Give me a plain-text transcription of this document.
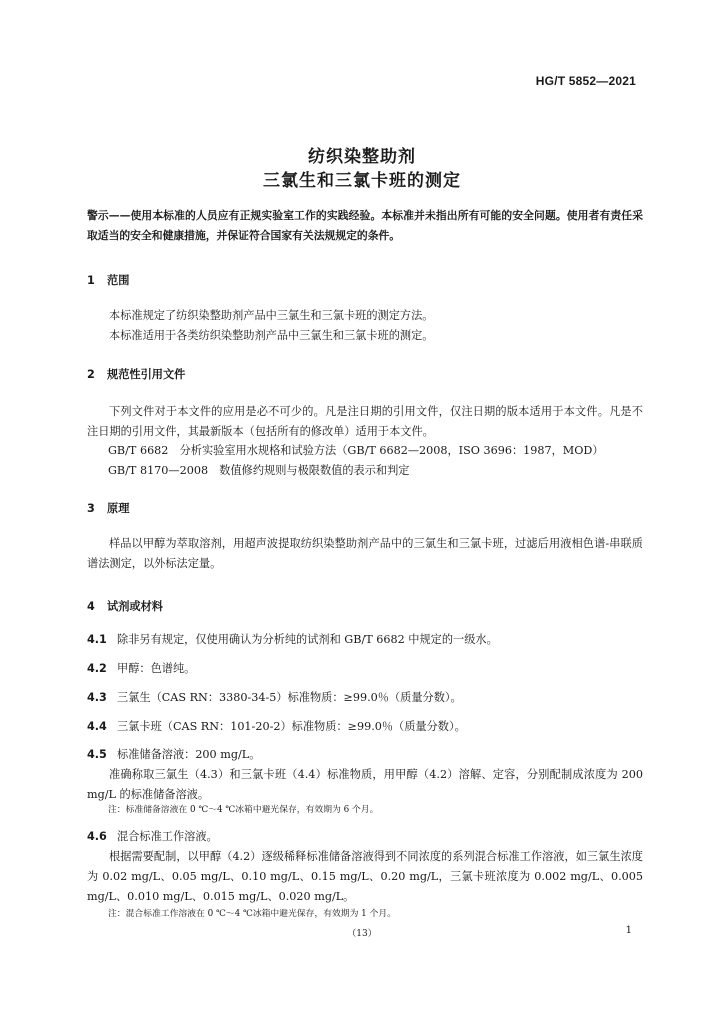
HG/T 5852—2021
纺织染整助剂
三氯生和三氯卡班的测定
警示——使用本标准的人员应有正规实验室工作的实践经验。本标准并未指出所有可能的安全问题。使用者有责任采取适当的安全和健康措施，并保证符合国家有关法规规定的条件。
1 范围
本标准规定了纺织染整助剂产品中三氯生和三氯卡班的测定方法。
本标准适用于各类纺织染整助剂产品中三氯生和三氯卡班的测定。
2 规范性引用文件
下列文件对于本文件的应用是必不可少的。凡是注日期的引用文件，仅注日期的版本适用于本文件。凡是不注日期的引用文件，其最新版本（包括所有的修改单）适用于本文件。
GB/T 6682　分析实验室用水规格和试验方法（GB/T 6682—2008，ISO 3696：1987，MOD）
GB/T 8170—2008　数值修约规则与极限数值的表示和判定
3 原理
样品以甲醇为萃取溶剂，用超声波提取纺织染整助剂产品中的三氯生和三氯卡班，过滤后用液相色谱-串联质谱法测定，以外标法定量。
4 试剂或材料
4.1 除非另有规定，仅使用确认为分析纯的试剂和 GB/T 6682 中规定的一级水。
4.2 甲醇：色谱纯。
4.3 三氯生（CAS RN：3380-34-5）标准物质：≥99.0％（质量分数）。
4.4 三氯卡班（CAS RN：101-20-2）标准物质：≥99.0％（质量分数）。
4.5 标准储备溶液：200 mg/L。
准确称取三氯生（4.3）和三氯卡班（4.4）标准物质，用甲醇（4.2）溶解、定容，分别配制成浓度为 200 mg/L 的标准储备溶液。
注：标准储备溶液在 0 ℃～4 ℃冰箱中避光保存，有效期为 6 个月。
4.6 混合标准工作溶液。
根据需要配制，以甲醇（4.2）逐级稀释标准储备溶液得到不同浓度的系列混合标准工作溶液，如三氯生浓度为 0.02 mg/L、0.05 mg/L、0.10 mg/L、0.15 mg/L、0.20 mg/L，三氯卡班浓度为 0.002 mg/L、0.005 mg/L、0.010 mg/L、0.015 mg/L、0.020 mg/L。
注：混合标准工作溶液在 0 ℃～4 ℃冰箱中避光保存，有效期为 1 个月。
（13）	1
